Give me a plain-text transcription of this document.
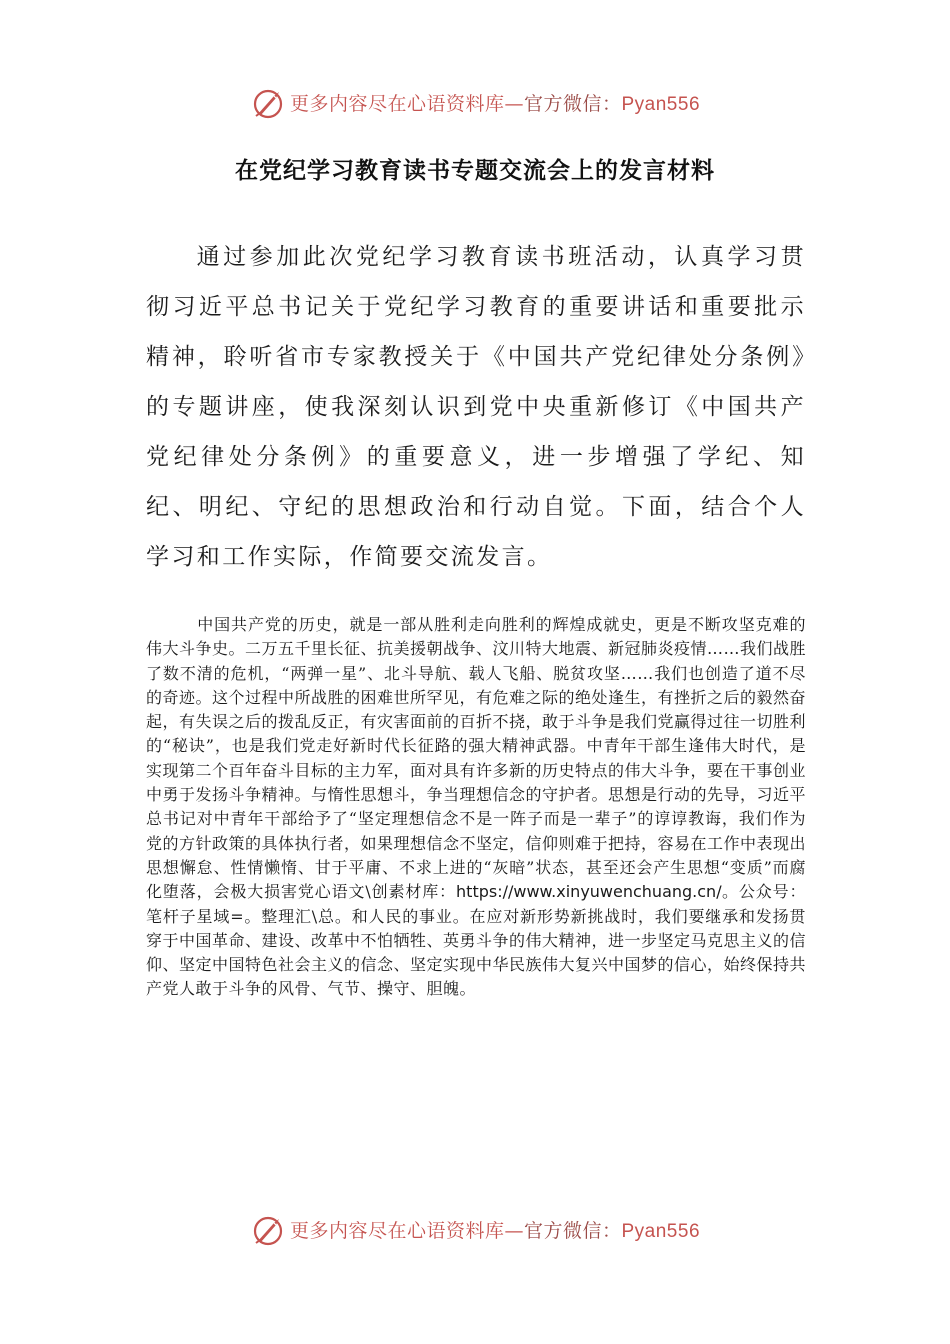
更多内容尽在心语资料库—官方微信：Pyan556
在党纪学习教育读书专题交流会上的发言材料

通过参加此次党纪学习教育读书班活动，认真学习贯彻习近平总书记关于党纪学习教育的重要讲话和重要批示精神，聆听省市专家教授关于《中国共产党纪律处分条例》的专题讲座，使我深刻认识到党中央重新修订《中国共产党纪律处分条例》的重要意义，进一步增强了学纪、知纪、明纪、守纪的思想政治和行动自觉。下面，结合个人学习和工作实际，作简要交流发言。

中国共产党的历史，就是一部从胜利走向胜利的辉煌成就史，更是不断攻坚克难的伟大斗争史。二万五千里长征、抗美援朝战争、汶川特大地震、新冠肺炎疫情……我们战胜了数不清的危机，“两弹一星”、北斗导航、载人飞船、脱贫攻坚……我们也创造了道不尽的奇迹。这个过程中所战胜的困难世所罕见，有危难之际的绝处逢生，有挫折之后的毅然奋起，有失误之后的拨乱反正，有灾害面前的百折不挠，敢于斗争是我们党赢得过往一切胜利的“秘诀”，也是我们党走好新时代长征路的强大精神武器。中青年干部生逢伟大时代，是实现第二个百年奋斗目标的主力军，面对具有许多新的历史特点的伟大斗争，要在干事创业中勇于发扬斗争精神。与惰性思想斗，争当理想信念的守护者。思想是行动的先导，习近平总书记对中青年干部给予了“坚定理想信念不是一阵子而是一辈子”的谆谆教诲，我们作为党的方针政策的具体执行者，如果理想信念不坚定，信仰则难于把持，容易在工作中表现出思想懈怠、性情懒惰、甘于平庸、不求上进的“灰暗”状态，甚至还会产生思想“变质”而腐化堕落，会极大损害党心语文\创素材库：https://www.xinyuwenchuang.cn/。公众号：笔杆子星域=。整理汇\总。和人民的事业。在应对新形势新挑战时，我们要继承和发扬贯穿于中国革命、建设、改革中不怕牺牲、英勇斗争的伟大精神，进一步坚定马克思主义的信仰、坚定中国特色社会主义的信念、坚定实现中华民族伟大复兴中国梦的信心，始终保持共产党人敢于斗争的风骨、气节、操守、胆魄。

更多内容尽在心语资料库—官方微信：Pyan556
